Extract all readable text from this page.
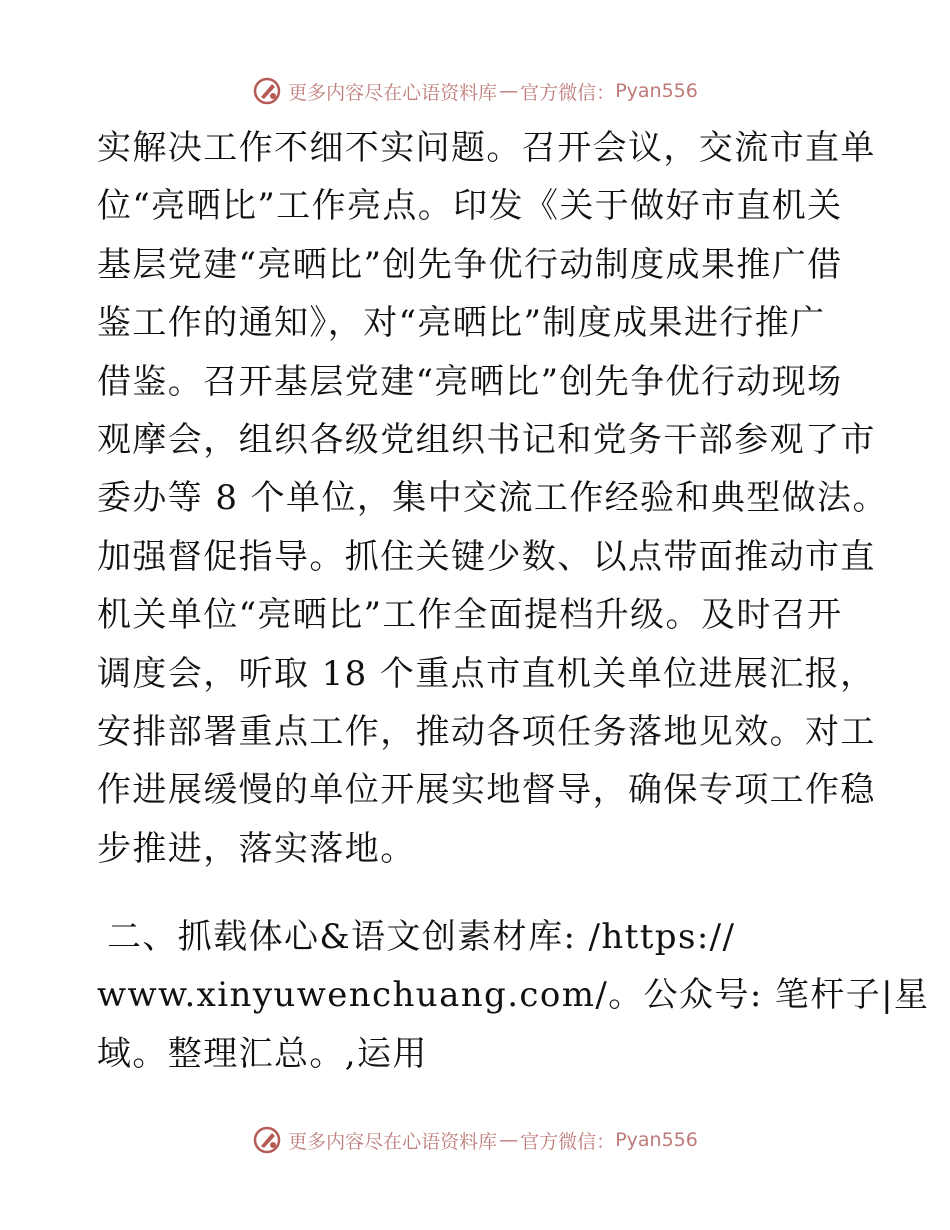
更多内容尽在心语资料库 — 官方微信： Pyan556
实解决工作不细不实问题。召开会议，交流市直单
位“亮晒比”工作亮点。印发《关于做好市直机关
基层党建“亮晒比”创先争优行动制度成果推广借
鉴工作的通知》，对“亮晒比”制度成果进行推广
借鉴。召开基层党建“亮晒比”创先争优行动现场
观摩会，组织各级党组织书记和党务干部参观了市
委办等 8 个单位，集中交流工作经验和典型做法。
加强督促指导。抓住关键少数、以点带面推动市直
机关单位“亮晒比”工作全面提档升级。及时召开
调度会，听取 18 个重点市直机关单位进展汇报，
安排部署重点工作，推动各项任务落地见效。对工
作进展缓慢的单位开展实地督导，确保专项工作稳
步推进，落实落地。
二、抓载体心&语文创素材库: /https://
www.xinyuwenchuang.com/。公众号: 笔杆子|星
域。整理汇总。,运用
更多内容尽在心语资料库 — 官方微信： Pyan556
